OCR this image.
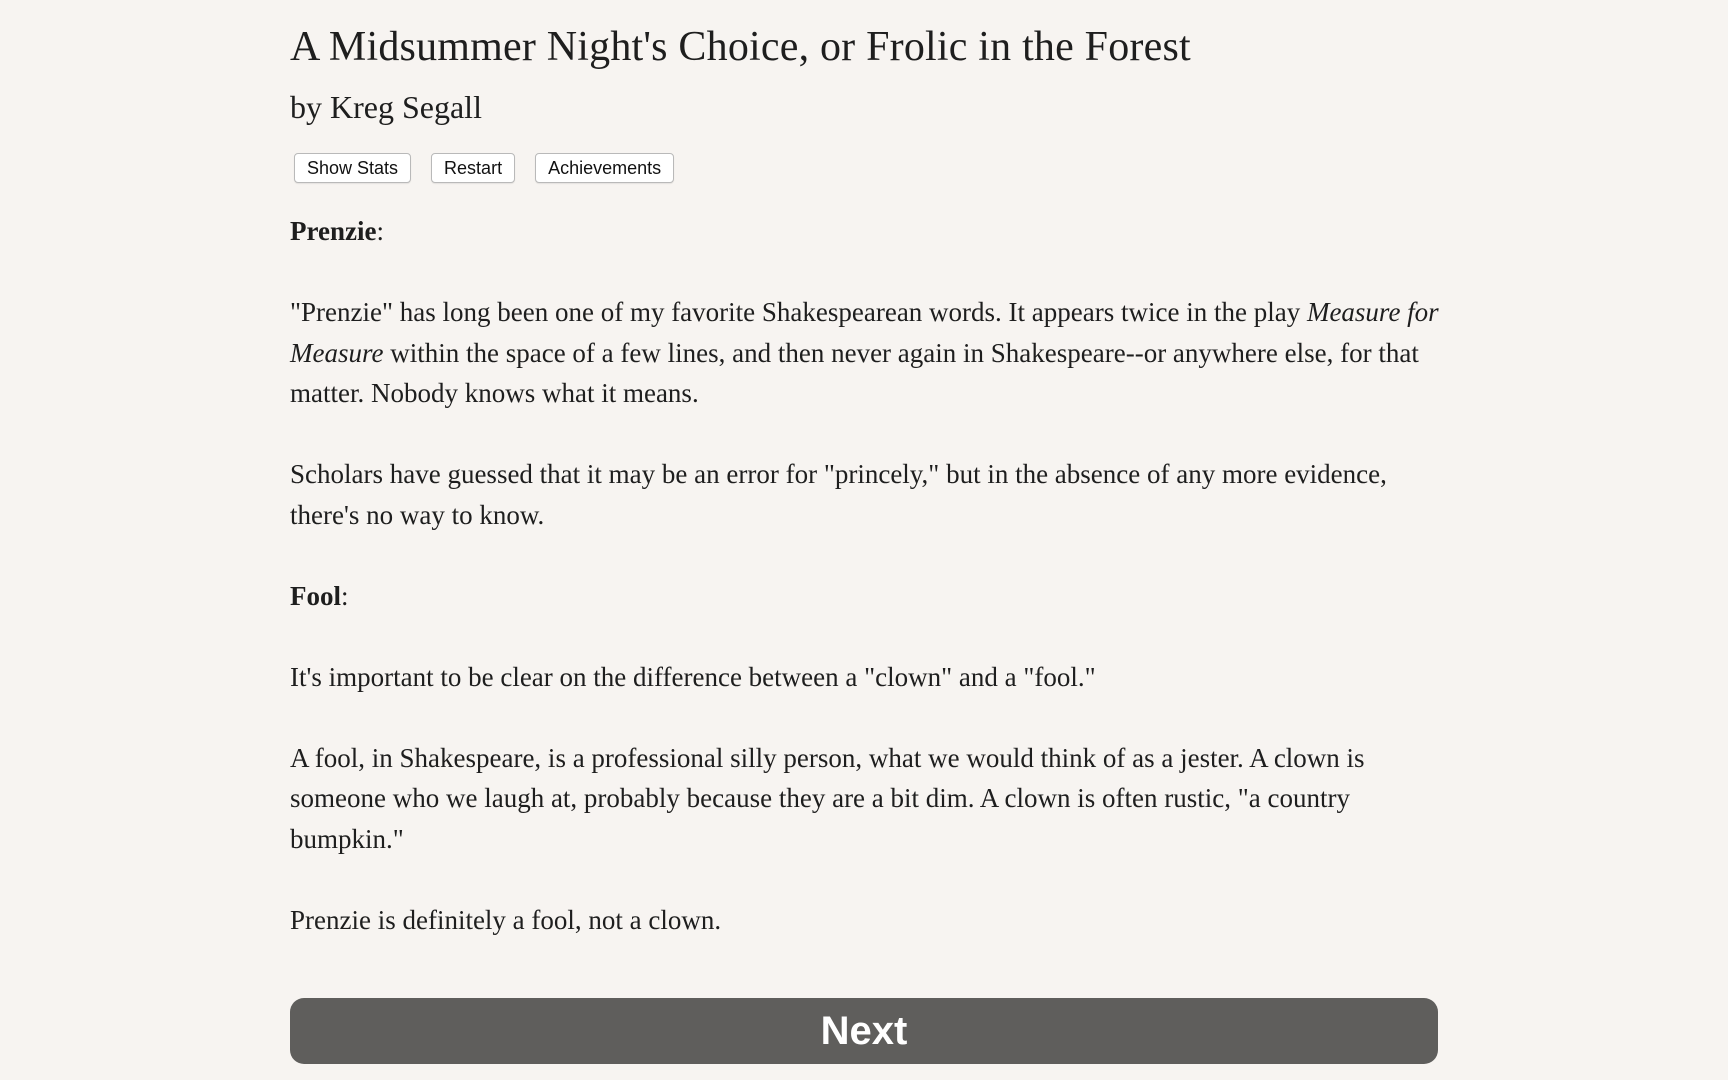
A Midsummer Night's Choice, or Frolic in the Forest
by Kreg Segall
Show Stats	Restart	Achievements

Prenzie:

"Prenzie" has long been one of my favorite Shakespearean words. It appears twice in the play Measure for Measure within the space of a few lines, and then never again in Shakespeare--or anywhere else, for that matter. Nobody knows what it means.

Scholars have guessed that it may be an error for "princely," but in the absence of any more evidence, there's no way to know.

Fool:

It's important to be clear on the difference between a "clown" and a "fool."

A fool, in Shakespeare, is a professional silly person, what we would think of as a jester. A clown is someone who we laugh at, probably because they are a bit dim. A clown is often rustic, "a country bumpkin."

Prenzie is definitely a fool, not a clown.

Next
